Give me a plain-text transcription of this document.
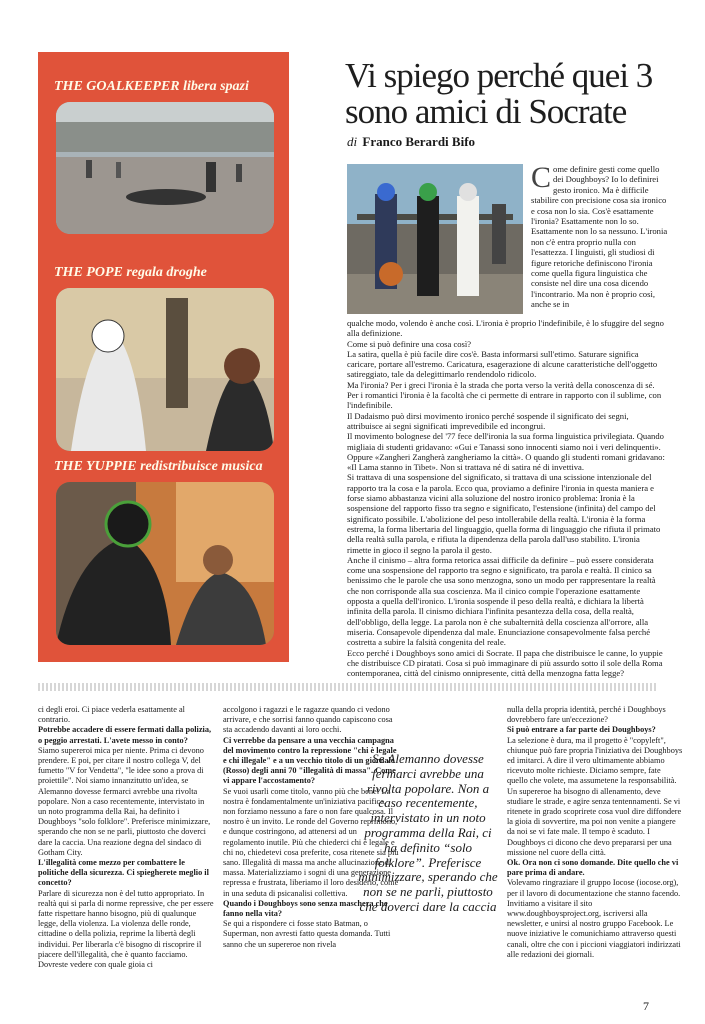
THE GOALKEEPER libera spazi
THE POPE regala droghe
THE YUPPIE redistribuisce musica
Vi spiego perché quei 3
sono amici di Socrate
di Franco Berardi Bifo
Come definire gesti come quello dei Doughboys? Io lo definirei gesto ironico. Ma è difficile stabilire con precisione cosa sia ironico e cosa non lo sia. Cos'è esattamente l'ironia? Esattamente non lo so. Esattamente non lo sa nessuno. L'ironia non c'è entra proprio nulla con l'esattezza. I linguisti, gli studiosi di figure retoriche definiscono l'ironia come quella figura linguistica che consiste nel dire una cosa dicendo l'incontrario. Ma non è proprio così, anche se in

qualche modo, volendo è anche così. L'ironia è proprio l'indefinibile, è lo sfuggire del segno alla definizione.

Come si può definire una cosa così?

La satira, quella è più facile dire cos'è. Basta informarsi sull'etimo. Saturare significa caricare, portare all'estremo. Caricatura, esagerazione di alcune caratteristiche dell'oggetto satireggiato, tale da delegittimarlo rendendolo ridicolo.

Ma l'ironia? Per i greci l'ironia è la strada che porta verso la verità della conoscenza di sé. Per i romantici l'ironia è la facoltà che ci permette di entrare in rapporto con il sublime, con l'indefinibile.

Il Dadaismo può dirsi movimento ironico perché sospende il significato dei segni, attribuisce ai segni significati imprevedibile ed incongrui.

Il movimento bolognese del '77 fece dell'ironia la sua forma linguistica privilegiata. Quando migliaia di studenti gridavano: «Gui e Tanassi sono innocenti siamo noi i veri delinquenti». Oppure «Zangheri Zangherà zangheriamo la città». O quando gli studenti romani gridavano: «Il Lama stanno in Tibet». Non si trattava né di satira né di invettiva.

Si trattava di una sospensione del significato, si trattava di una scissione intenzionale del rapporto tra la cosa e la parola. Ecco qua, proviamo a definire l'ironia in questa maniera e forse siamo abbastanza vicini alla soluzione del nostro ironico problema: Ironia è la sospensione del rapporto fisso tra segno e significato, l'estensione (infinita) del campo del significato possibile. L'abolizione del peso intollerabile della realtà. L'ironia è la forma estrema, la forma libertaria del linguaggio, quella forma di linguaggio che rifiuta il primato della realtà sulla parola, e rifiuta la dipendenza della parola dall'uso stabilito. L'ironia rimette in gioco il segno la parola il gesto.

Anche il cinismo – altra forma retorica assai difficile da definire – può essere considerata come una sospensione del rapporto tra segno e significato, tra parola e realtà. Il cinico sa benissimo che le parole che usa sono menzogna, sono un modo per rappresentare la realtà che non corrisponde alla sua coscienza. Ma il cinico compie l'operazione esattamente opposta a quella dell'ironico. L'ironia sospende il peso della realtà, e dichiara la libertà infinita della parola. Il cinismo dichiara l'infinita pesantezza della cosa, della realtà, dell'obbligo, della legge. La parola non è che subalternità della coscienza all'orrore, alla miseria. Consapevole dipendenza dal male. Enunciazione consapevolmente falsa perché costretta a subire la falsità congenita del reale.

Ecco perché i Doughboys sono amici di Socrate. Il papa che distribuisce le canne, lo yuppie che distribuisce CD piratati. Cosa si può immaginare di più assurdo sotto il sole della Roma contemporanea, città del cinismo onnipresente, città della menzogna fatta legge?

ci degli eroi. Ci piace vederla esattamente al contrario.

Potrebbe accadere di essere fermati dalla polizia, o peggio arrestati. L'avete messo in conto?

Siamo supereroi mica per niente. Prima ci devono prendere. E poi, per citare il nostro collega V, del fumetto "V for Vendetta", "le idee sono a prova di proiettile". Noi siamo innanzitutto un'idea, se Alemanno dovesse fermarci avrebbe una rivolta popolare. Non a caso recentemente, intervistato in un noto programma della Rai, ha definito i Doughboys "solo folklore". Preferisce minimizzare, sperando che non se ne parli, piuttosto che doverci dare la caccia. Una reazione degna del sindaco di Gotham City.

L'illegalità come mezzo per combattere le politiche della sicurezza. Ci spiegherete meglio il concetto?

Parlare di sicurezza non è del tutto appropriato. In realtà qui si parla di norme repressive, che per essere fatte rispettare hanno bisogno, più di qualunque legge, della violenza. La violenza delle ronde, cittadine o della polizia, reprime la libertà degli individui. Per liberarla c'è bisogno di riscoprire il piacere dell'illegalità, che è quanto facciamo. Dovreste vedere con quale gioia ci

accolgono i ragazzi e le ragazze quando ci vedono arrivare, e che sorrisi fanno quando capiscono cosa sta accadendo davanti ai loro occhi.

Ci verrebbe da pensare a una vecchia campagna del movimento contro la repressione "chi è legale e chi illegale" e a un vecchio titolo di un giornale (Rosso) degli anni 70 "illegalità di massa". Come vi appare l'accostamento?

Se vuoi usarli come titolo, vanno più che bene! La nostra è fondamentalmente un'iniziativa pacifica, non forziamo nessuno a fare o non fare qualcosa. Il nostro è un invito. Le ronde del Governo reprimono, e dunque costringono, ad attenersi ad un regolamento inutile. Più che chiederci chi è legale e chi no, chiedetevi cosa preferite, cosa ritenete sia più sano. Illegalità di massa ma anche allucinazione di massa. Materializziamo i sogni di una generazione repressa e frustrata, liberiamo il loro desiderio, come in una seduta di psicanalisi collettiva.

Quando i Doughboys sono senza maschera che fanno nella vita?

Se qui a rispondere ci fosse stato Batman, o Superman, non avresti fatto questa domanda. Tutti sanno che un supereroe non rivela

Se Alemanno dovesse fermarci avrebbe una rivolta popolare. Non a caso recentemente, intervistato in un noto programma della Rai, ci ha definito “solo folklore”. Preferisce minimizzare, sperando che non se ne parli, piuttosto che doverci dare la caccia

nulla della propria identità, perché i Doughboys dovrebbero fare un'eccezione?

Si può entrare a far parte dei Doughboys?

La selezione è dura, ma il progetto è "copyleft", chiunque può fare propria l'iniziativa dei Doughboys ed imitarci. A dire il vero ultimamente abbiamo ricevuto molte richieste. Diciamo sempre, fate quello che volete, ma assumetene la responsabilità. Un supereroe ha bisogno di allenamento, deve studiare le strade, e agire senza tentennamenti. Se vi ritenete in grado scoprirete cosa vuol dire diffondere la gioia di sovvertire, ma poi non venite a piangere da noi se vi fate male. Il tempo è scaduto. I Doughboys ci dicono che devo prepararsi per una missione nel cuore della città.

Ok. Ora non ci sono domande. Dite quello che vi pare prima di andare.

Volevamo ringraziare il gruppo Iocose (iocose.org), per il lavoro di documentazione che stanno facendo. Invitiamo a visitare il sito www.doughboysproject.org, iscriversi alla newsletter, e unirsi al nostro gruppo Facebook. Le nuove iniziative le comunichiamo attraverso questi canali, oltre che con i piccioni viaggiatori indirizzati alle redazioni dei giornali.

7
